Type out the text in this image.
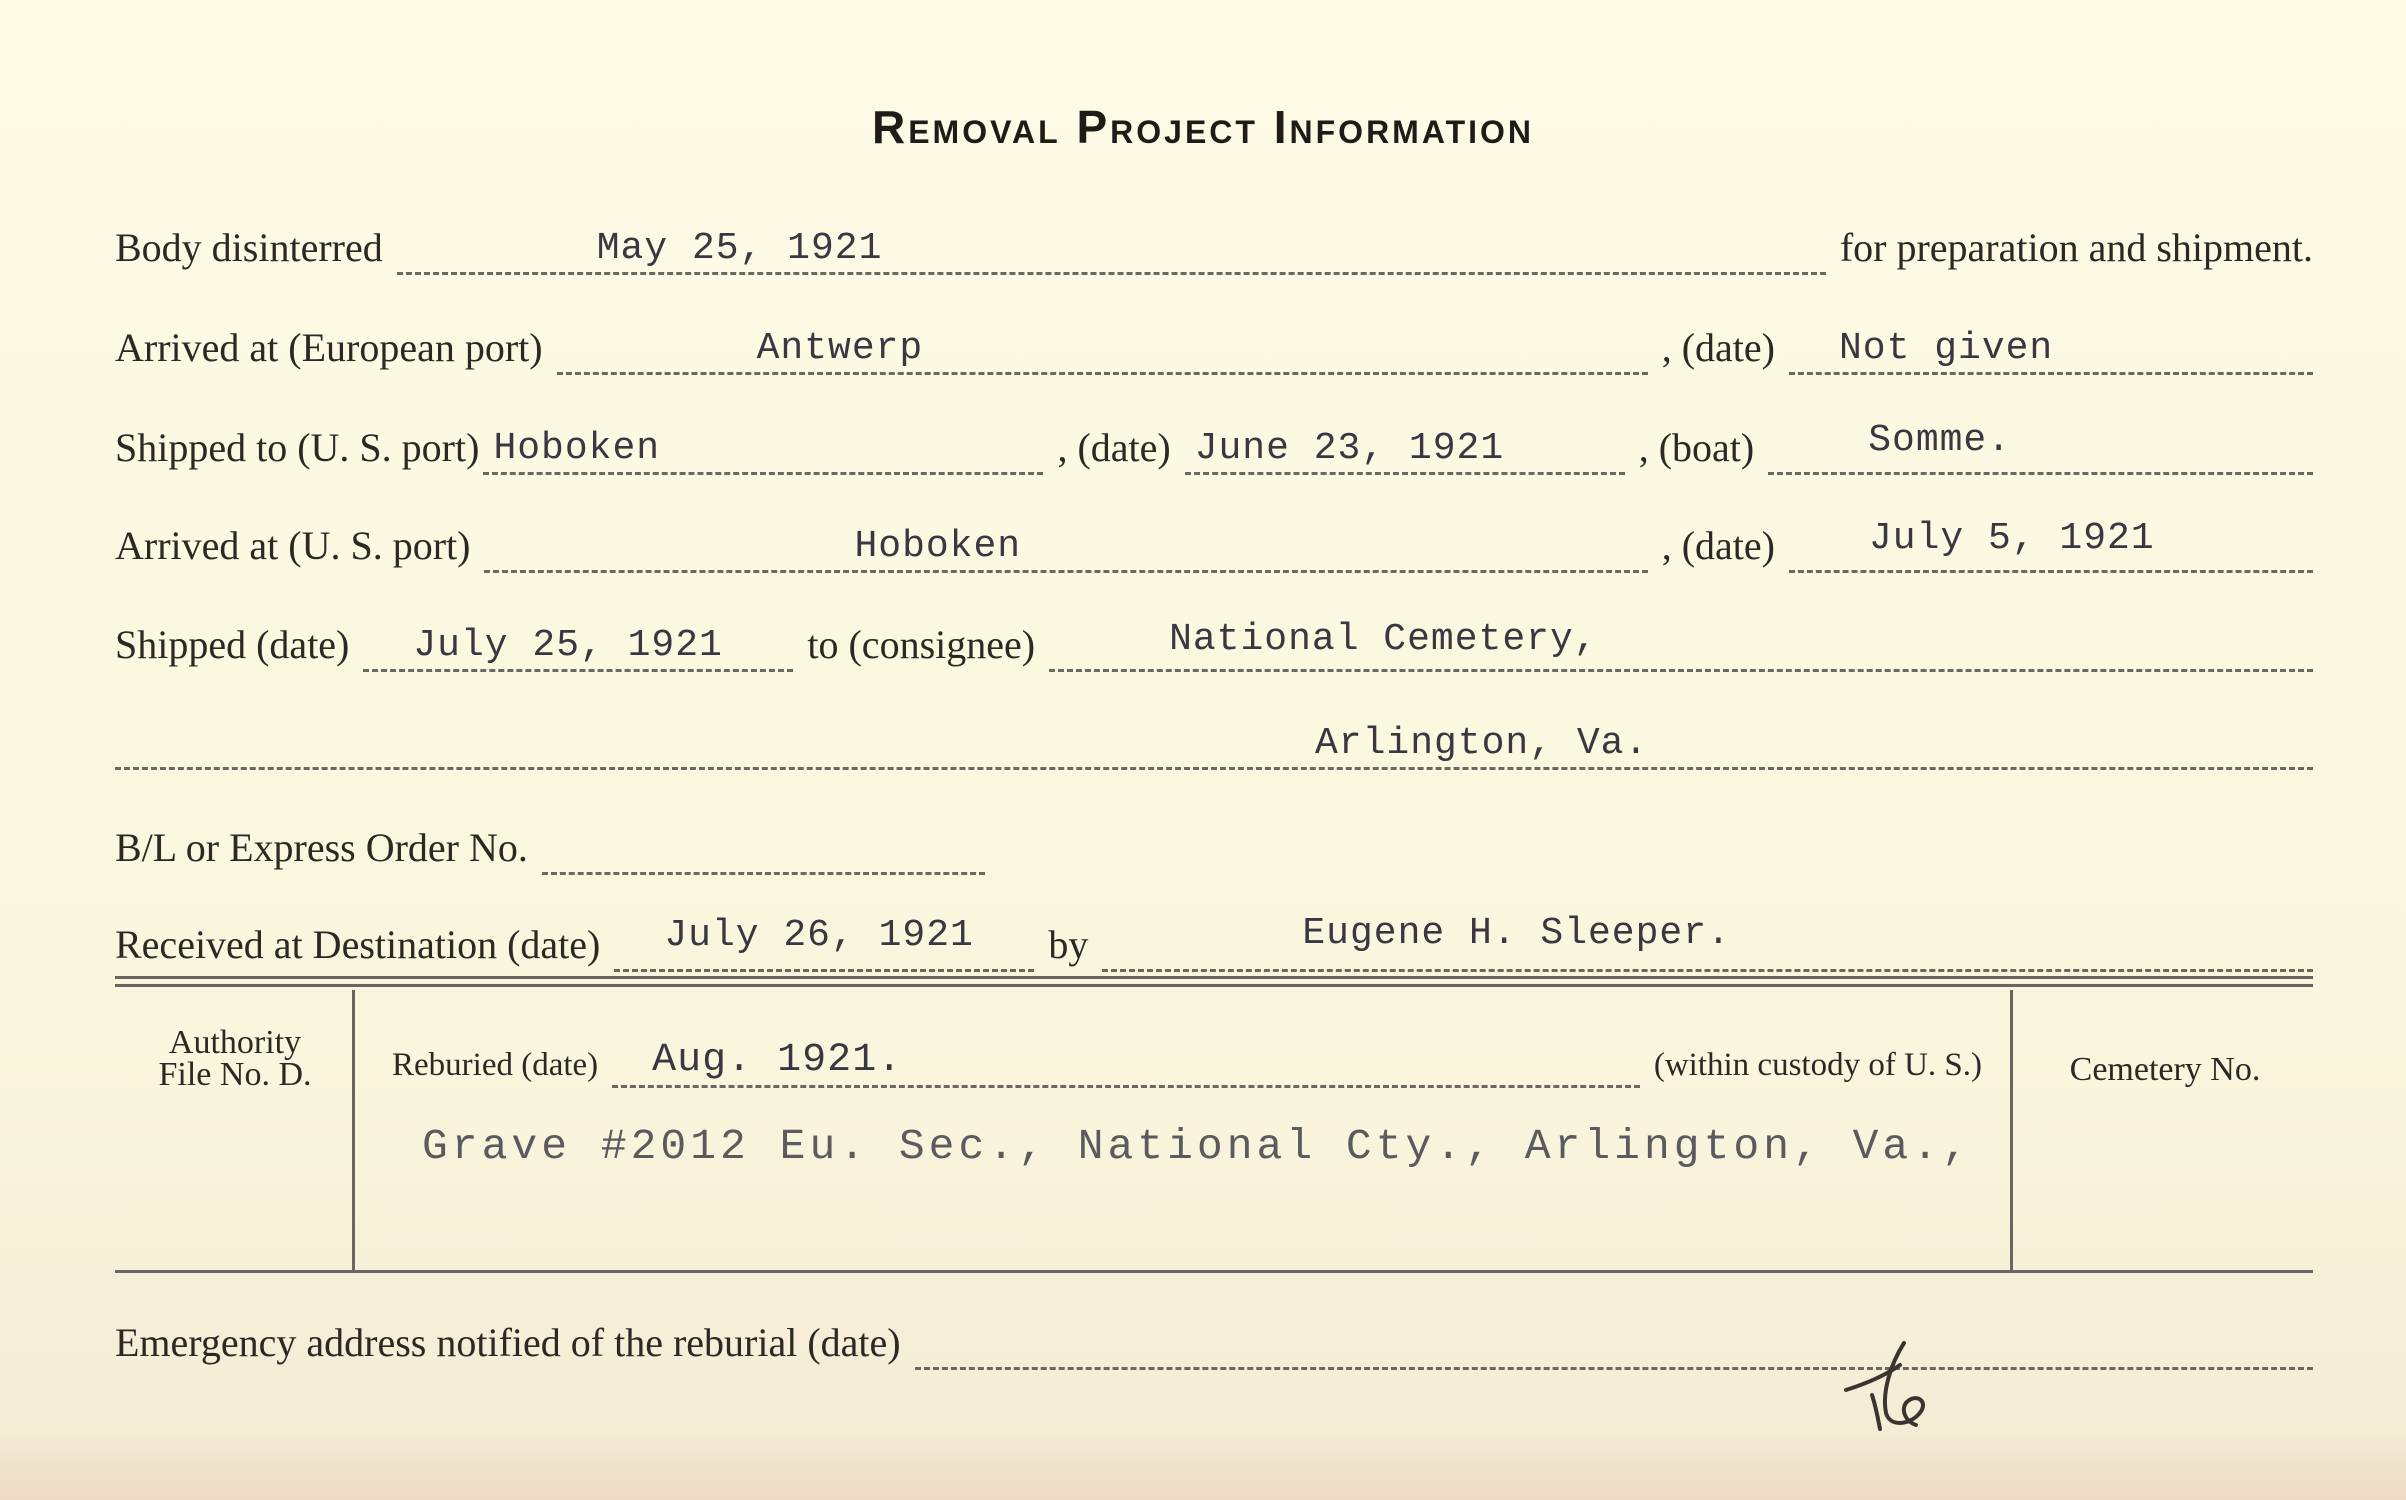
Removal Project Information
Body disinterred	May 25, 1921	for preparation and shipment.
Arrived at (European port)	Antwerp	, (date) Not given
Shipped to (U. S. port) Hoboken	, (date) June 23, 1921	, (boat)	Somme.
Arrived at (U. S. port)	Hoboken	, (date) July 5, 1921
Shipped (date) July 25, 1921 to (consignee)	National Cemetery,
Arlington, Va.
B/L or Express Order No.
Received at Destination (date) July 26, 1921 by	Eugene H. Sleeper.
Authority
File No. D.	Reburied (date) Aug. 1921.	(within custody of U. S.)	Cemetery No.
Grave #2012 Eu. Sec., National Cty., Arlington, Va.,
Emergency address notified of the reburial (date)
